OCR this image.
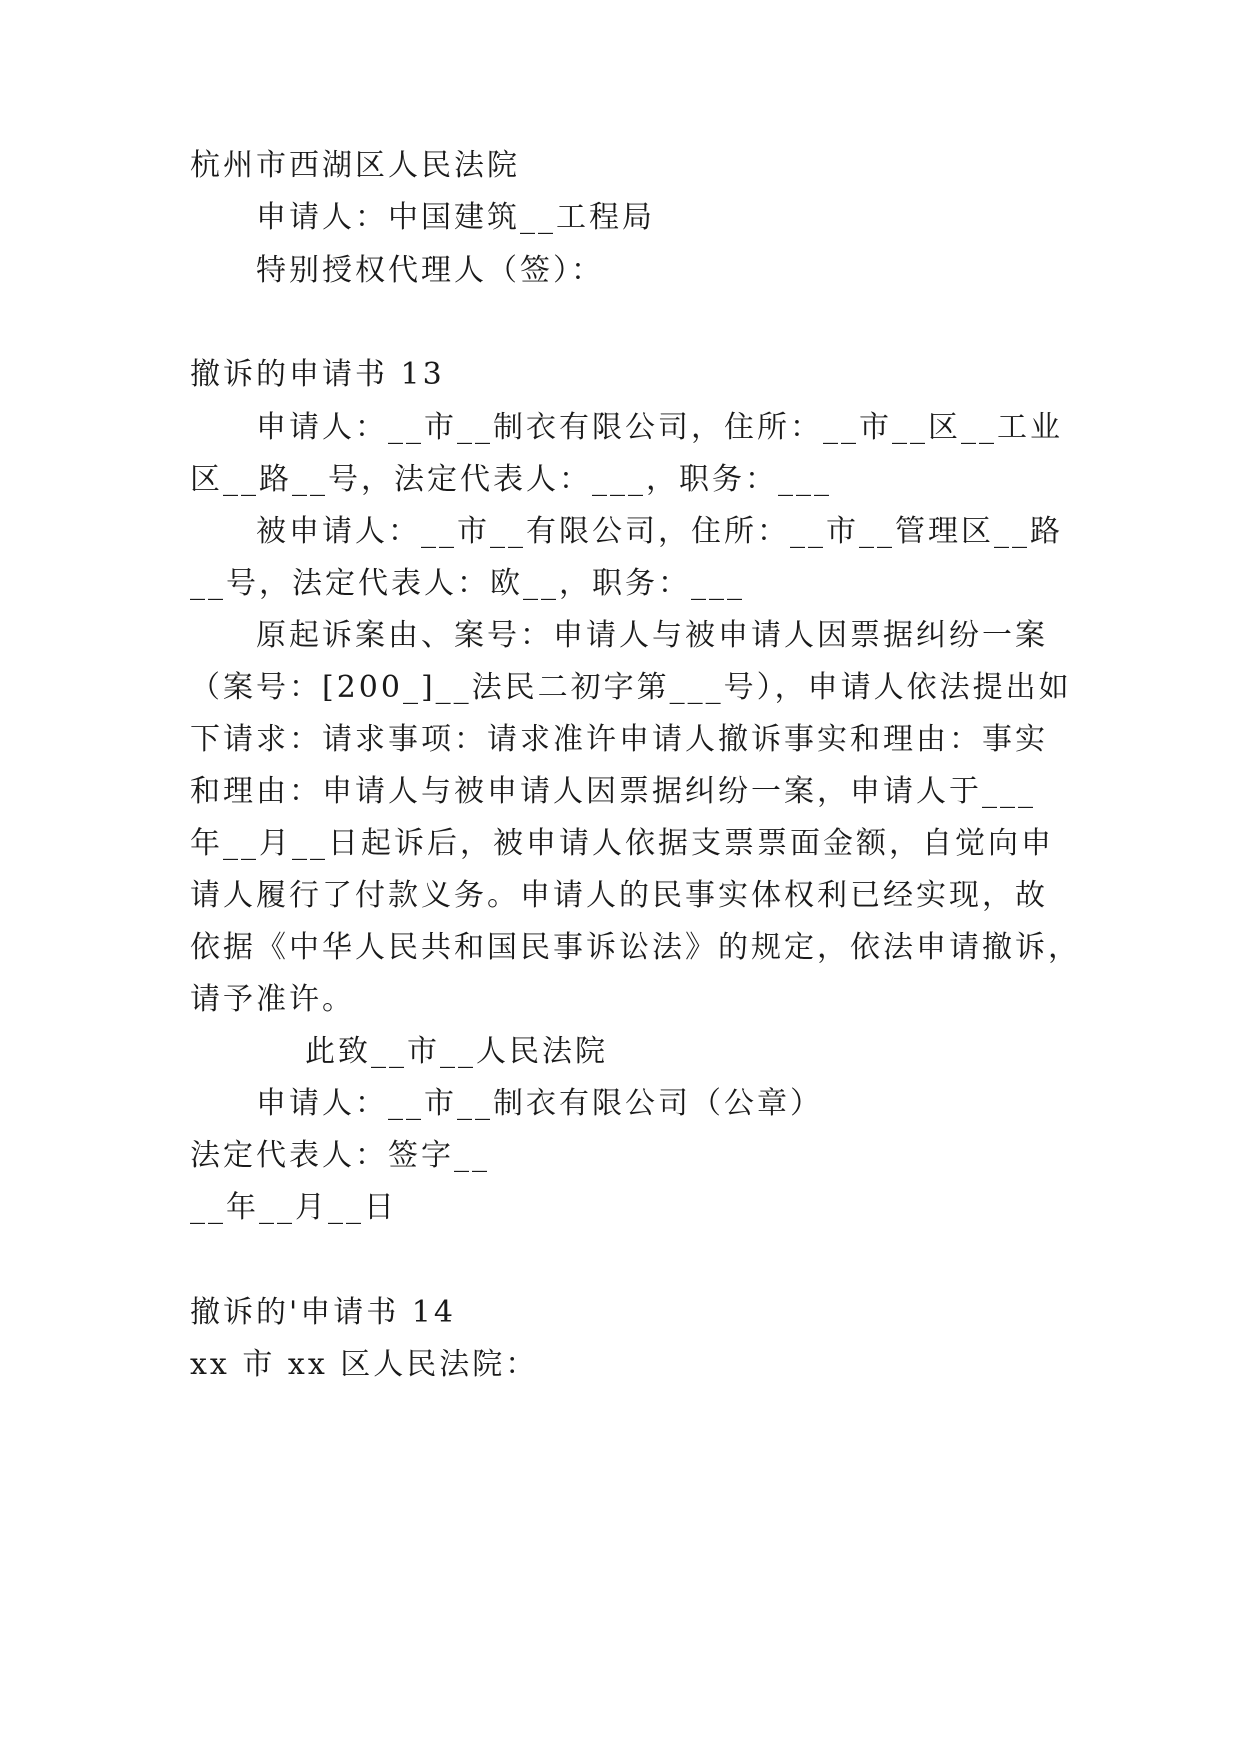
杭州市西湖区人民法院

申请人：中国建筑__工程局

特别授权代理人（签）：

撤诉的申请书 13

申请人：__市__制衣有限公司，住所：__市__区__工业

区__路__号，法定代表人：___，职务：___

被申请人：__市__有限公司，住所：__市__管理区__路

__号，法定代表人：欧__，职务：___

原起诉案由、案号：申请人与被申请人因票据纠纷一案

（案号：[200_]__法民二初字第___号），申请人依法提出如

下请求：请求事项：请求准许申请人撤诉事实和理由：事实

和理由：申请人与被申请人因票据纠纷一案，申请人于___

年__月__日起诉后，被申请人依据支票票面金额，自觉向申

请人履行了付款义务。申请人的民事实体权利已经实现，故

依据《中华人民共和国民事诉讼法》的规定，依法申请撤诉，

请予准许。

此致__市__人民法院

申请人：__市__制衣有限公司（公章）

法定代表人：签字__

__年__月__日

撤诉的'申请书 14

xx 市 xx 区人民法院：
